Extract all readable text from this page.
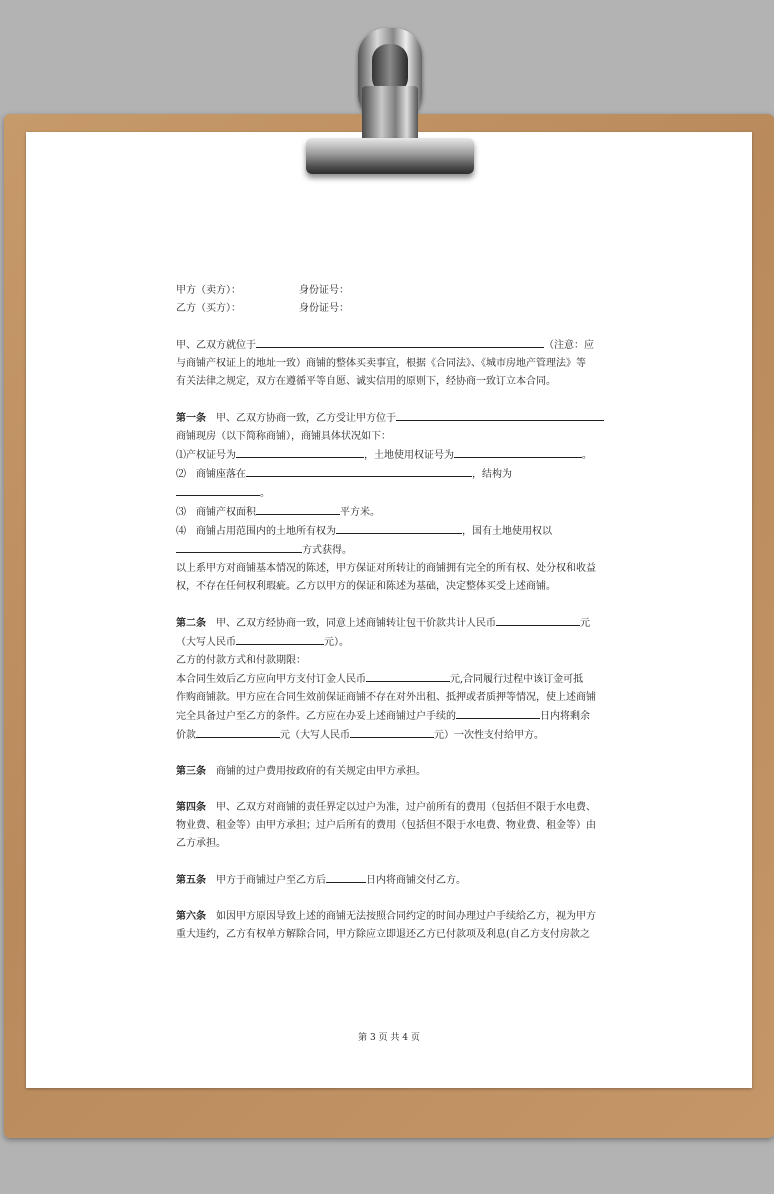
甲方（卖方）：	身份证号：

乙方（买方）：	身份证号：

甲、乙双方就位于	（注意：应
与商铺产权证上的地址一致）商铺的整体买卖事宜，根据《合同法》、《城市房地产管理法》等
有关法律之规定，双方在遵循平等自愿、诚实信用的原则下，经协商一致订立本合同。

第一条　 甲、乙双方协商一致，乙方受让甲方位于

商铺现房（以下简称商铺），商铺具体状况如下：

⑴产权证号为	，土地使用权证号为	。

⑵　商铺座落在	，结构为

。

⑶　商铺产权面积	平方米。

⑷　商铺占用范围内的土地所有权为	，国有土地使用权以

方式获得。

以上系甲方对商铺基本情况的陈述，甲方保证对所转让的商铺拥有完全的所有权、处分权和收益

权，不存在任何权利瑕疵。乙方以甲方的保证和陈述为基础，决定整体买受上述商铺。

第二条　 甲、乙双方经协商一致，同意上述商铺转让包干价款共计人民币	元

（大写人民币	元）。

乙方的付款方式和付款期限：

本合同生效后乙方应向甲方支付订金人民币	元,合同履行过程中该订金可抵

作购商铺款。甲方应在合同生效前保证商铺不存在对外出租、抵押或者质押等情况，使上述商铺

完全具备过户至乙方的条件。乙方应在办妥上述商铺过户手续的	日内将剩余

价款	元（大写人民币	元）一次性支付给甲方。

第三条　 商铺的过户费用按政府的有关规定由甲方承担。

第四条　 甲、乙双方对商铺的责任界定以过户为准，过户前所有的费用（包括但不限于水电费、

物业费、租金等）由甲方承担；过户后所有的费用（包括但不限于水电费、物业费、租金等）由

乙方承担。

第五条　 甲方于商铺过户至乙方后	日内将商铺交付乙方。

第六条　 如因甲方原因导致上述的商铺无法按照合同约定的时间办理过户手续给乙方，视为甲方

重大违约，乙方有权单方解除合同，甲方除应立即退还乙方已付款项及利息(自乙方支付房款之

第 3 页 共 4 页
